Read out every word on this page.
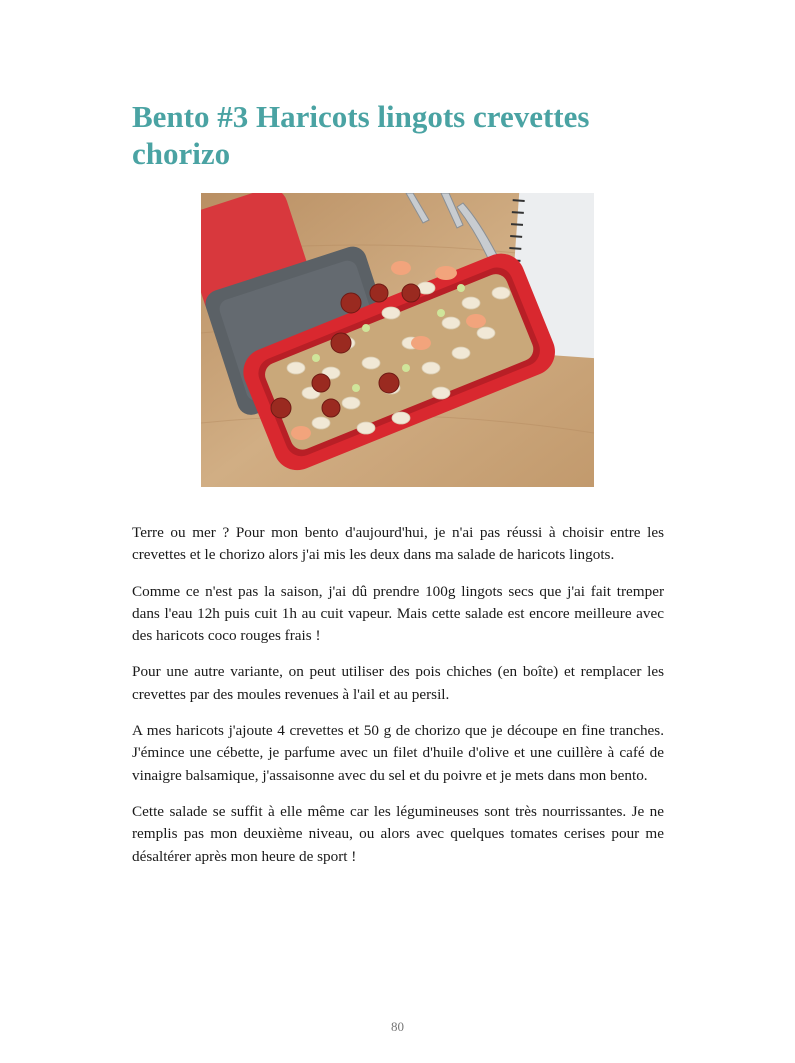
Bento #3 Haricots lingots crevettes chorizo

Terre ou mer ? Pour mon bento d'aujourd'hui, je n'ai pas réussi à choisir entre les crevettes et le chorizo alors j'ai mis les deux dans ma salade de haricots lingots.

Comme ce n'est pas la saison, j'ai dû prendre 100g lingots secs que j'ai fait tremper dans l'eau 12h puis cuit 1h au cuit vapeur. Mais cette salade est encore meilleure avec des haricots coco rouges frais !

Pour une autre variante, on peut utiliser des pois chiches (en boîte) et remplacer les crevettes par des moules revenues à l'ail et au persil.

A mes haricots j'ajoute 4 crevettes et 50 g de chorizo que je découpe en fine tranches. J'émince une cébette, je parfume avec un filet d'huile d'olive et une cuillère à café de vinaigre balsamique, j'assaisonne avec du sel et du poivre et je mets dans mon bento.

Cette salade se suffit à elle même car les légumineuses sont très nourrissantes. Je ne remplis pas mon deuxième niveau, ou alors avec quelques tomates cerises pour me désaltérer après mon heure de sport !

80
